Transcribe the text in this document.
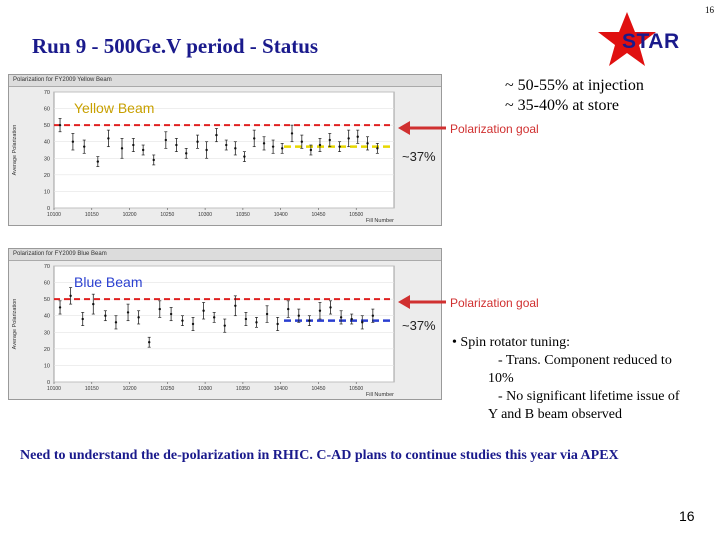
16
Run 9 - 500Ge.V period - Status	STAR
~ 50-55% at injection
~ 35-40% at store
Polarization for FY2009 Yellow Beam
0
10
20
30
40
50
60
70
10100	10150	10200	10250	10300	10350	10400	10450	10500
Average Polarization
Fill Number
Yellow Beam
Polarization for FY2009 Blue Beam
0
10
20
30
40
50
60
70
10100	10150	10200	10250	10300	10350	10400	10450	10500
Average Polarization
Fill Number
Blue Beam
Polarization goal
~37%
Polarization goal
~37%
• Spin rotator tuning:
- Trans. Component reduced to
10%
- No significant lifetime issue of
Y and B beam observed
Need to understand the de-polarization in RHIC. C-AD plans to continue studies this year via APEX
16
